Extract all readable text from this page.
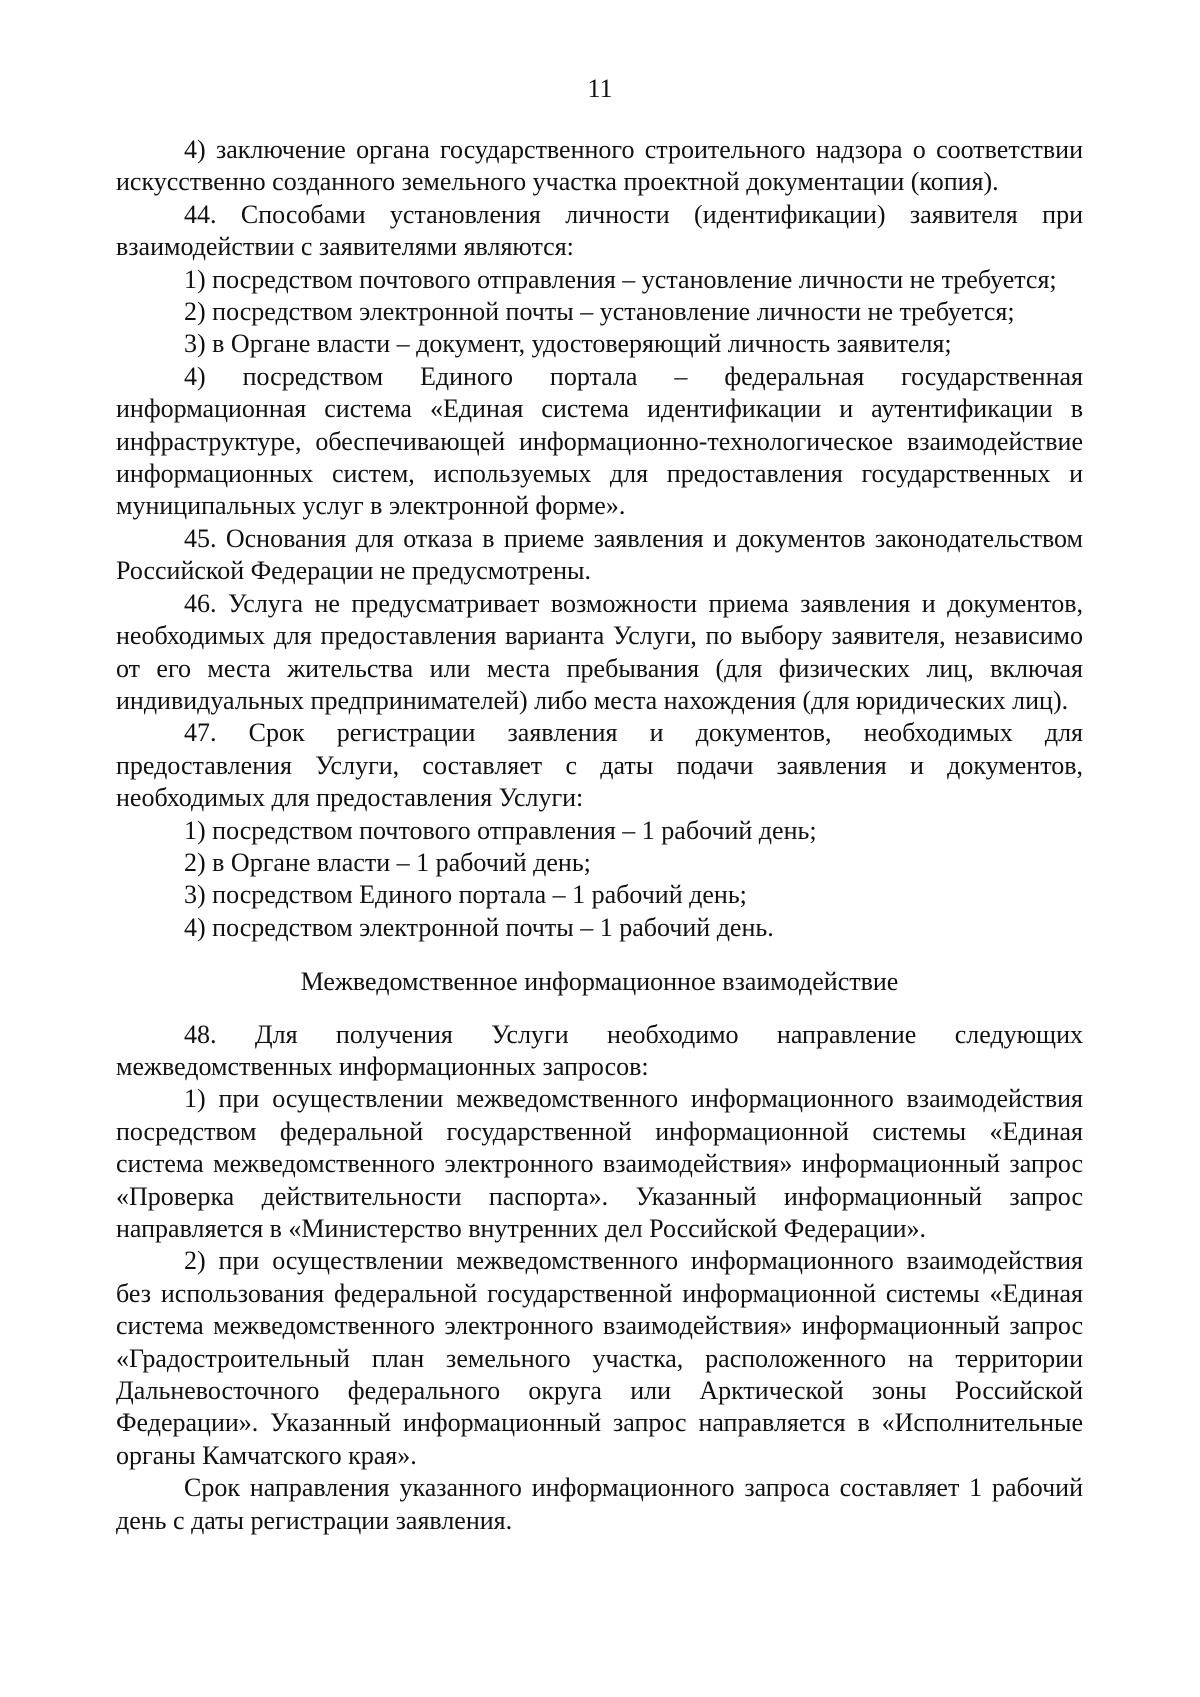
11

4) заключение органа государственного строительного надзора о соответствии искусственно созданного земельного участка проектной документации (копия).

44. Способами установления личности (идентификации) заявителя при взаимодействии с заявителями являются:

1) посредством почтового отправления – установление личности не требуется;

2) посредством электронной почты – установление личности не требуется;

3) в Органе власти – документ, удостоверяющий личность заявителя;

4) посредством Единого портала – федеральная государственная информационная система «Единая система идентификации и аутентификации в инфраструктуре, обеспечивающей информационно-технологическое взаимодействие информационных систем, используемых для предоставления государственных и муниципальных услуг в электронной форме».

45. Основания для отказа в приеме заявления и документов законодательством Российской Федерации не предусмотрены.

46. Услуга не предусматривает возможности приема заявления и документов, необходимых для предоставления варианта Услуги, по выбору заявителя, независимо от его места жительства или места пребывания (для физических лиц, включая индивидуальных предпринимателей) либо места нахождения (для юридических лиц).

47. Срок регистрации заявления и документов, необходимых для предоставления Услуги, составляет с даты подачи заявления и документов, необходимых для предоставления Услуги:

1) посредством почтового отправления – 1 рабочий день;

2) в Органе власти – 1 рабочий день;

3) посредством Единого портала – 1 рабочий день;

4) посредством электронной почты – 1 рабочий день.

Межведомственное информационное взаимодействие

48. Для получения Услуги необходимо направление следующих межведомственных информационных запросов:

1) при осуществлении межведомственного информационного взаимодействия посредством федеральной государственной информационной системы «Единая система межведомственного электронного взаимодействия» информационный запрос «Проверка действительности паспорта». Указанный информационный запрос направляется в «Министерство внутренних дел Российской Федерации».

2) при осуществлении межведомственного информационного взаимодействия без использования федеральной государственной информационной системы «Единая система межведомственного электронного взаимодействия» информационный запрос «Градостроительный план земельного участка, расположенного на территории Дальневосточного федерального округа или Арктической зоны Российской Федерации». Указанный информационный запрос направляется в «Исполнительные органы Камчатского края».

Срок направления указанного информационного запроса составляет 1 рабочий день с даты регистрации заявления.
